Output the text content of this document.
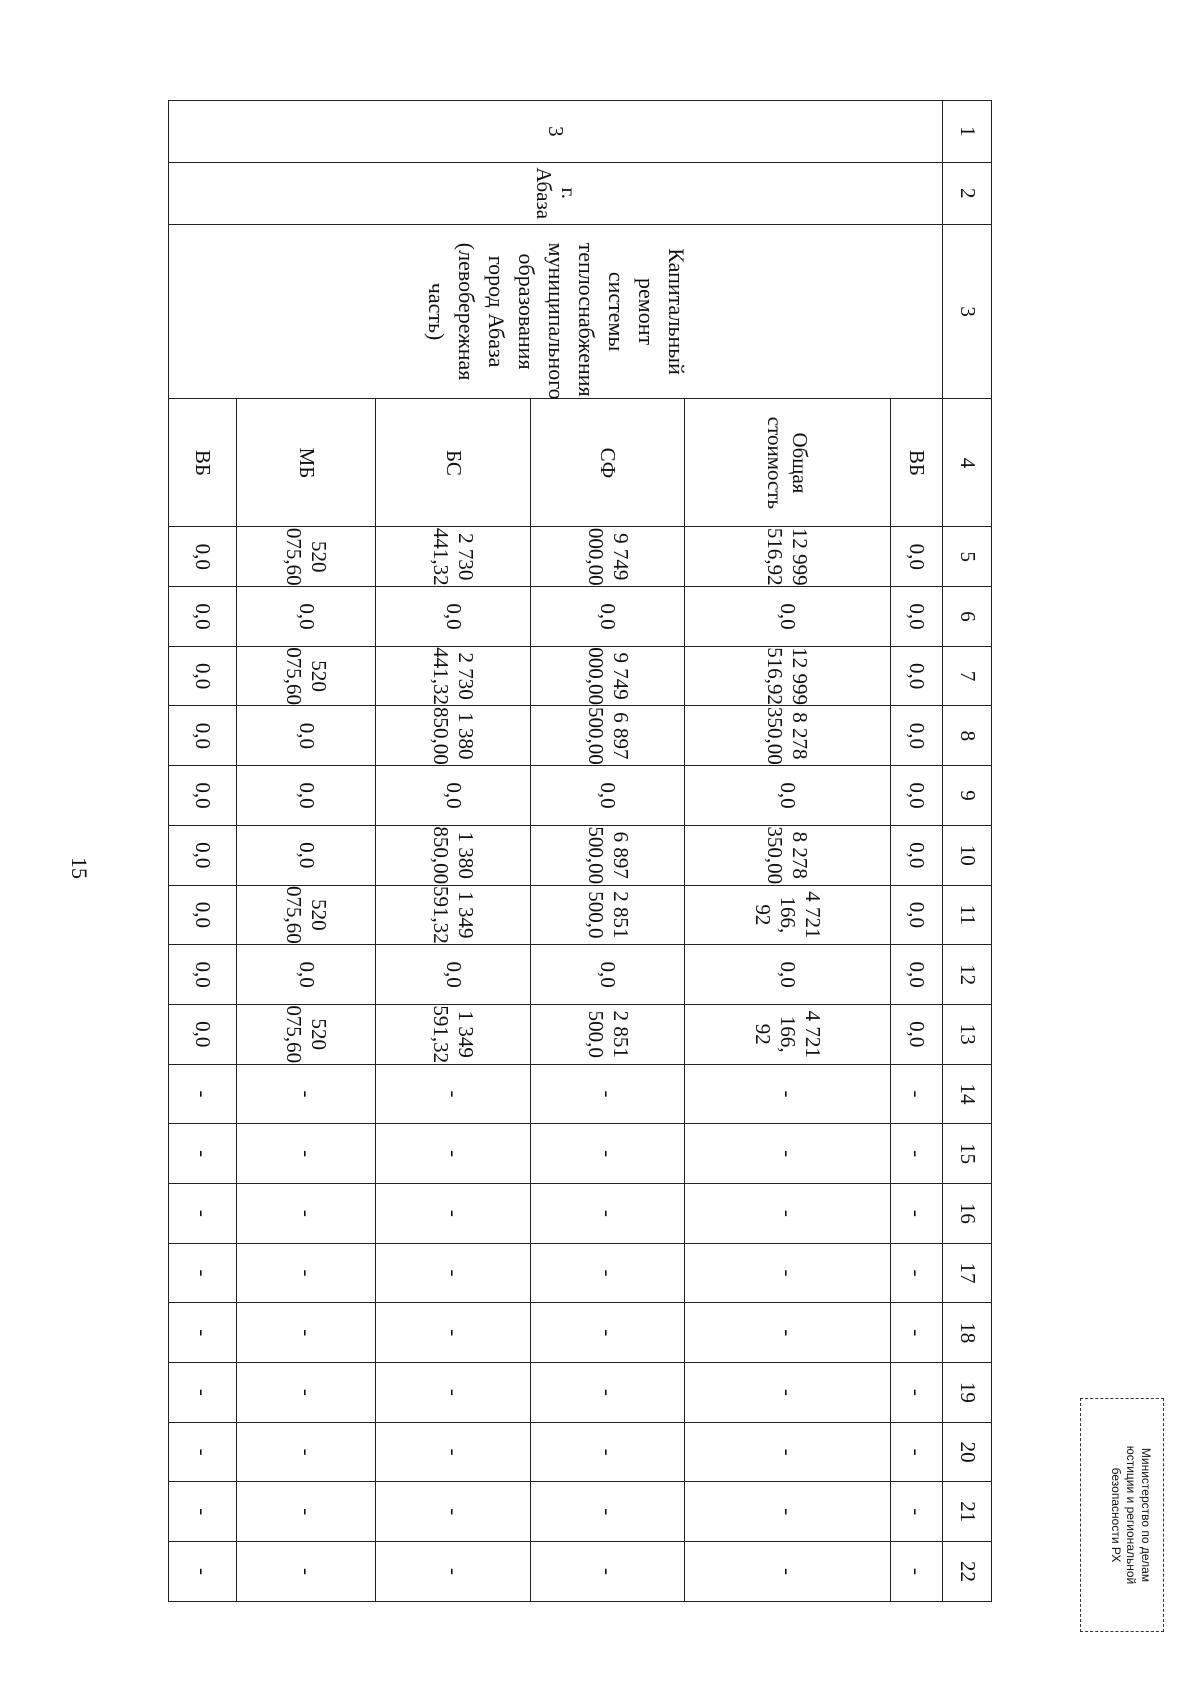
15
1	2	3	4	5	6	7	8	9	10	11	12	13	14	15	16	17	18	19	20	21	22
3	г. Абаза	Капитальный ремонт системы теплоснабжения муниципального образования город Абаза (левобережная часть)	ВБ	0,0	0,0	0,0	0,0	0,0	0,0	0,0	0,0	0,0	-	-	-	-	-	-	-	-	-

			Общая стоимость	12 999 516,92	0,0	12 999 516,92	8 278 350,00	0,0	8 278 350,00	4 721 166, 92	0,0	4 721 166, 92	-	-	-	-	-	-	-	-	-

			СФ	9 749 000,00	0,0	9 749 000,00	6 897 500,00	0,0	6 897 500,00	2 851 500,0	0,0	2 851 500,0	-	-	-	-	-	-	-	-	-

			БС	2 730 441,32	0,0	2 730 441,32	1 380 850,00	0,0	1 380 850,00	1 349 591,32	0,0	1 349 591,32	-	-	-	-	-	-	-	-	-

			МБ	520 075,60	0,0	520 075,60	0,0	0,0	0,0	520 075,60	0,0	520 075,60	-	-	-	-	-	-	-	-	-

			ВБ	0,0	0,0	0,0	0,0	0,0	0,0	0,0	0,0	0,0	-	-	-	-	-	-	-	-	-	Министерство по делам
юстиции и региональной
безопасности РХ
